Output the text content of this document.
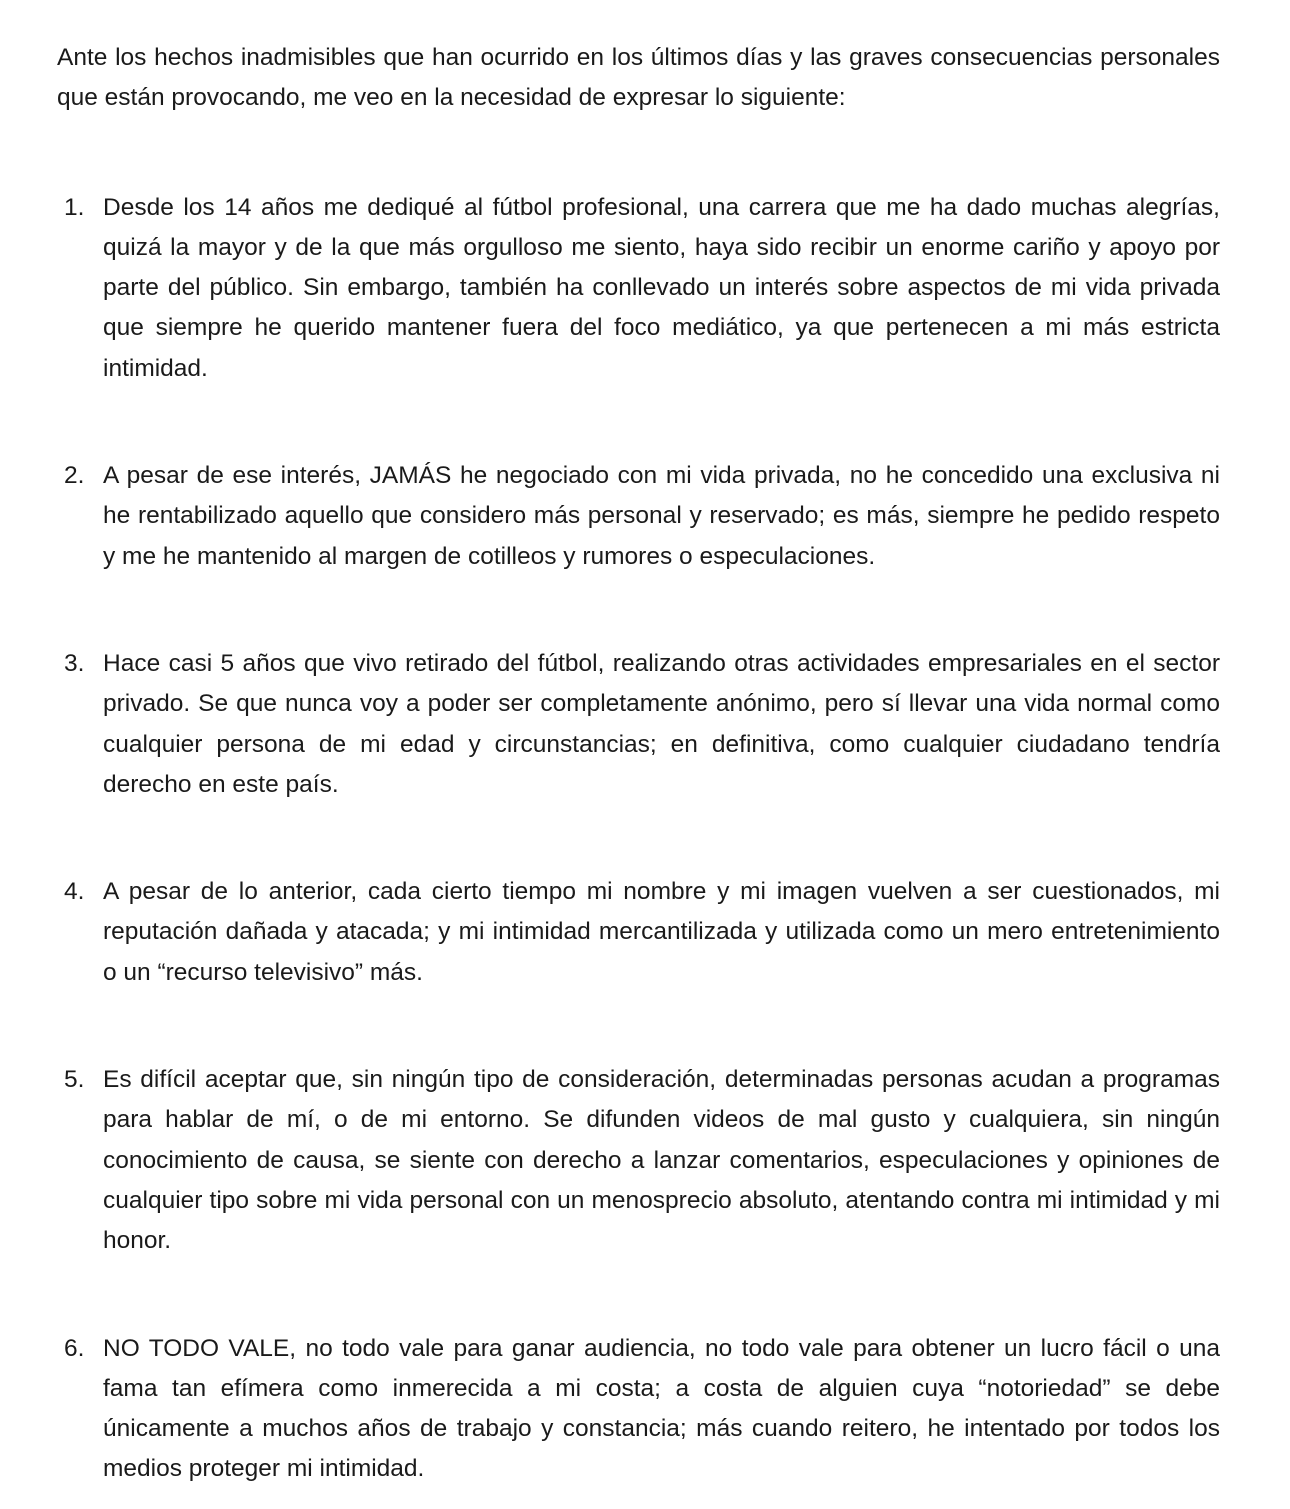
Ante los hechos inadmisibles que han ocurrido en los últimos días y las graves consecuencias personales que están provocando, me veo en la necesidad de expresar lo siguiente:

1. Desde los 14 años me dediqué al fútbol profesional, una carrera que me ha dado muchas alegrías, quizá la mayor y de la que más orgulloso me siento, haya sido recibir un enorme cariño y apoyo por parte del público. Sin embargo, también ha conllevado un interés sobre aspectos de mi vida privada que siempre he querido mantener fuera del foco mediático, ya que pertenecen a mi más estricta intimidad.
2. A pesar de ese interés, JAMÁS he negociado con mi vida privada, no he concedido una exclusiva ni he rentabilizado aquello que considero más personal y reservado; es más, siempre he pedido respeto y me he mantenido al margen de cotilleos y rumores o especulaciones.
3. Hace casi 5 años que vivo retirado del fútbol, realizando otras actividades empresariales en el sector privado. Se que nunca voy a poder ser completamente anónimo, pero sí llevar una vida normal como cualquier persona de mi edad y circunstancias; en definitiva, como cualquier ciudadano tendría derecho en este país.
4. A pesar de lo anterior, cada cierto tiempo mi nombre y mi imagen vuelven a ser cuestionados, mi reputación dañada y atacada; y mi intimidad mercantilizada y utilizada como un mero entretenimiento o un “recurso televisivo” más.
5. Es difícil aceptar que, sin ningún tipo de consideración, determinadas personas acudan a programas para hablar de mí, o de mi entorno. Se difunden videos de mal gusto y cualquiera, sin ningún conocimiento de causa, se siente con derecho a lanzar comentarios, especulaciones y opiniones de cualquier tipo sobre mi vida personal con un menosprecio absoluto, atentando contra mi intimidad y mi honor.
6. NO TODO VALE, no todo vale para ganar audiencia, no todo vale para obtener un lucro fácil o una fama tan efímera como inmerecida a mi costa; a costa de alguien cuya “notoriedad” se debe únicamente a muchos años de trabajo y constancia; más cuando reitero, he intentado por todos los medios proteger mi intimidad.
